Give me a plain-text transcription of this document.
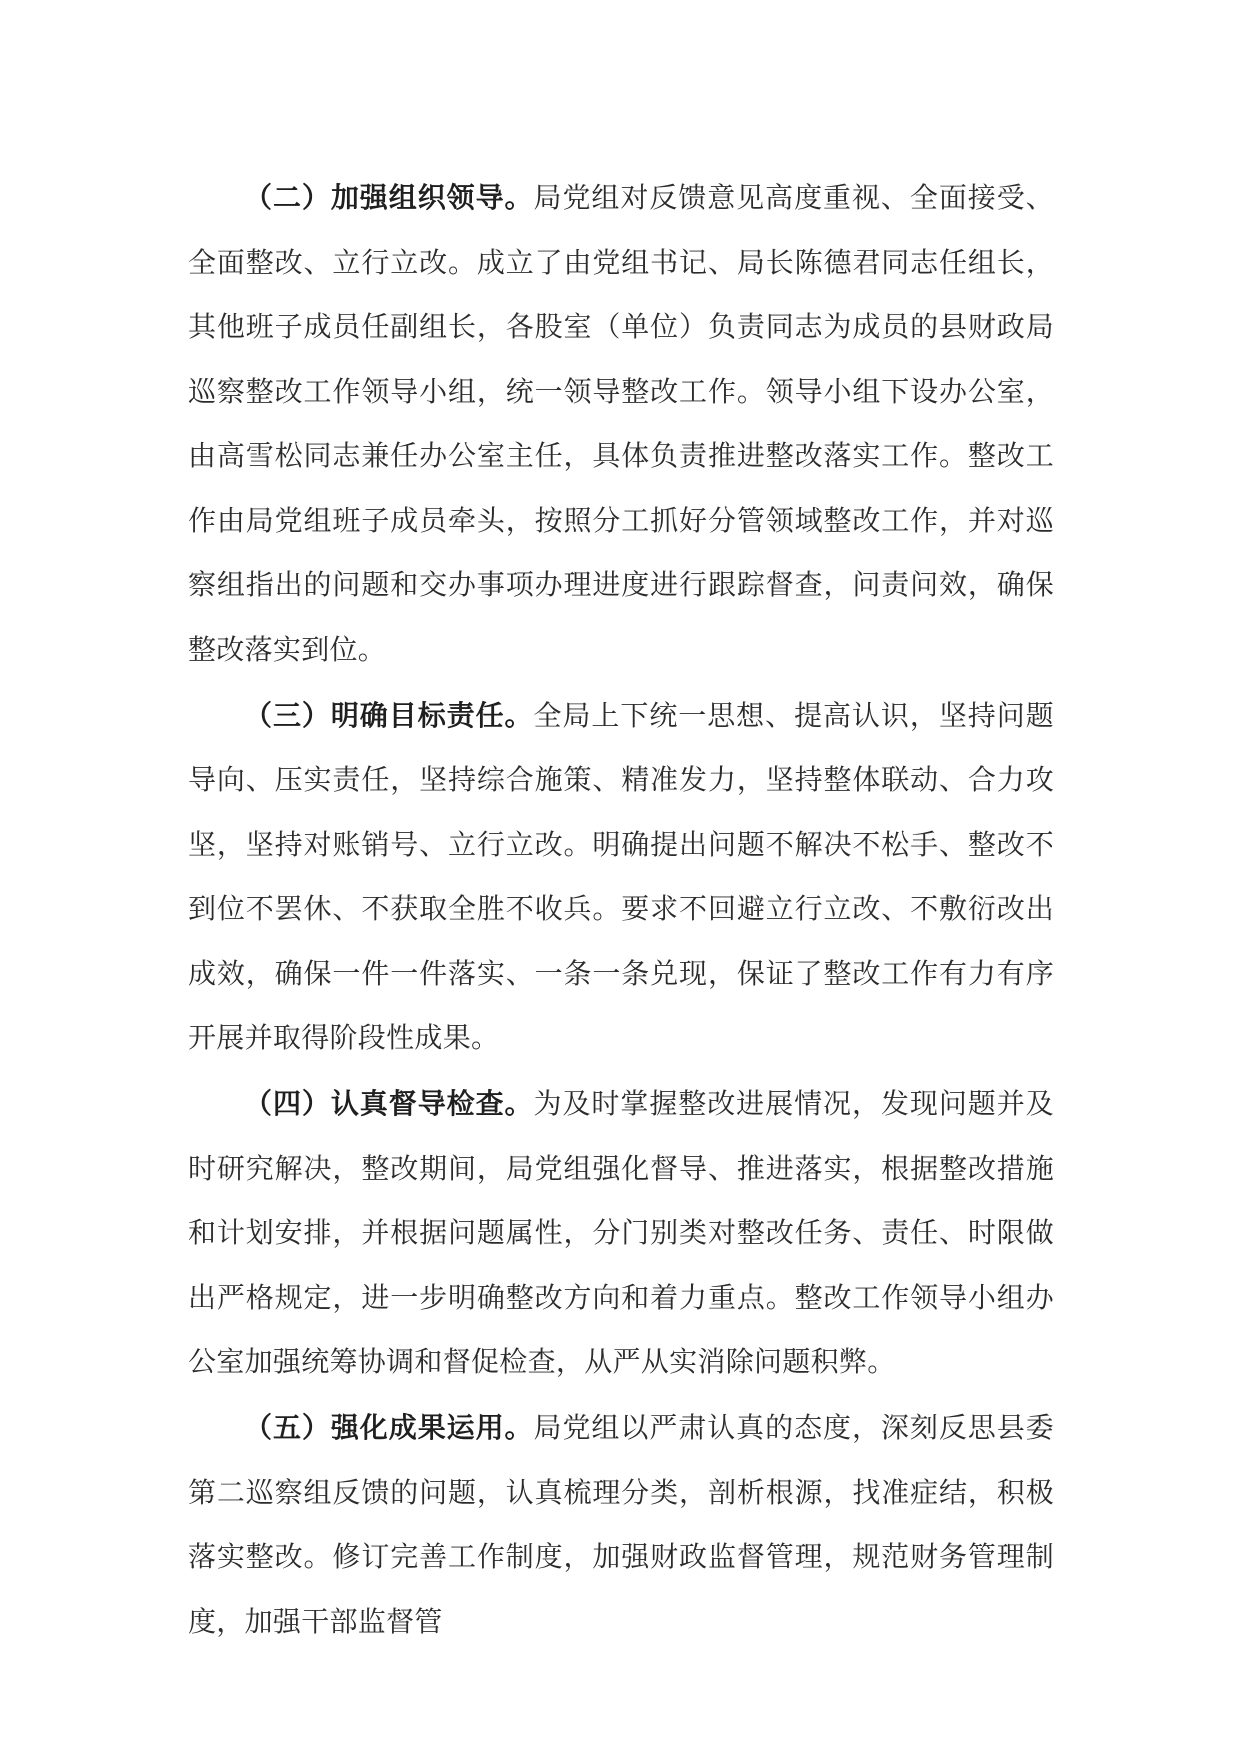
（二）加强组织领导。局党组对反馈意见高度重视、全面接受、全面整改、立行立改。成立了由党组书记、局长陈德君同志任组长，其他班子成员任副组长，各股室（单位）负责同志为成员的县财政局巡察整改工作领导小组，统一领导整改工作。领导小组下设办公室，由高雪松同志兼任办公室主任，具体负责推进整改落实工作。整改工作由局党组班子成员牵头，按照分工抓好分管领域整改工作，并对巡察组指出的问题和交办事项办理进度进行跟踪督查，问责问效，确保整改落实到位。

（三）明确目标责任。全局上下统一思想、提高认识，坚持问题导向、压实责任，坚持综合施策、精准发力，坚持整体联动、合力攻坚，坚持对账销号、立行立改。明确提出问题不解决不松手、整改不到位不罢休、不获取全胜不收兵。要求不回避立行立改、不敷衍改出成效，确保一件一件落实、一条一条兑现，保证了整改工作有力有序开展并取得阶段性成果。

（四）认真督导检查。为及时掌握整改进展情况，发现问题并及时研究解决，整改期间，局党组强化督导、推进落实，根据整改措施和计划安排，并根据问题属性，分门别类对整改任务、责任、时限做出严格规定，进一步明确整改方向和着力重点。整改工作领导小组办公室加强统筹协调和督促检查，从严从实消除问题积弊。

（五）强化成果运用。局党组以严肃认真的态度，深刻反思县委第二巡察组反馈的问题，认真梳理分类，剖析根源，找准症结，积极落实整改。修订完善工作制度，加强财政监督管理，规范财务管理制度，加强干部监督管
